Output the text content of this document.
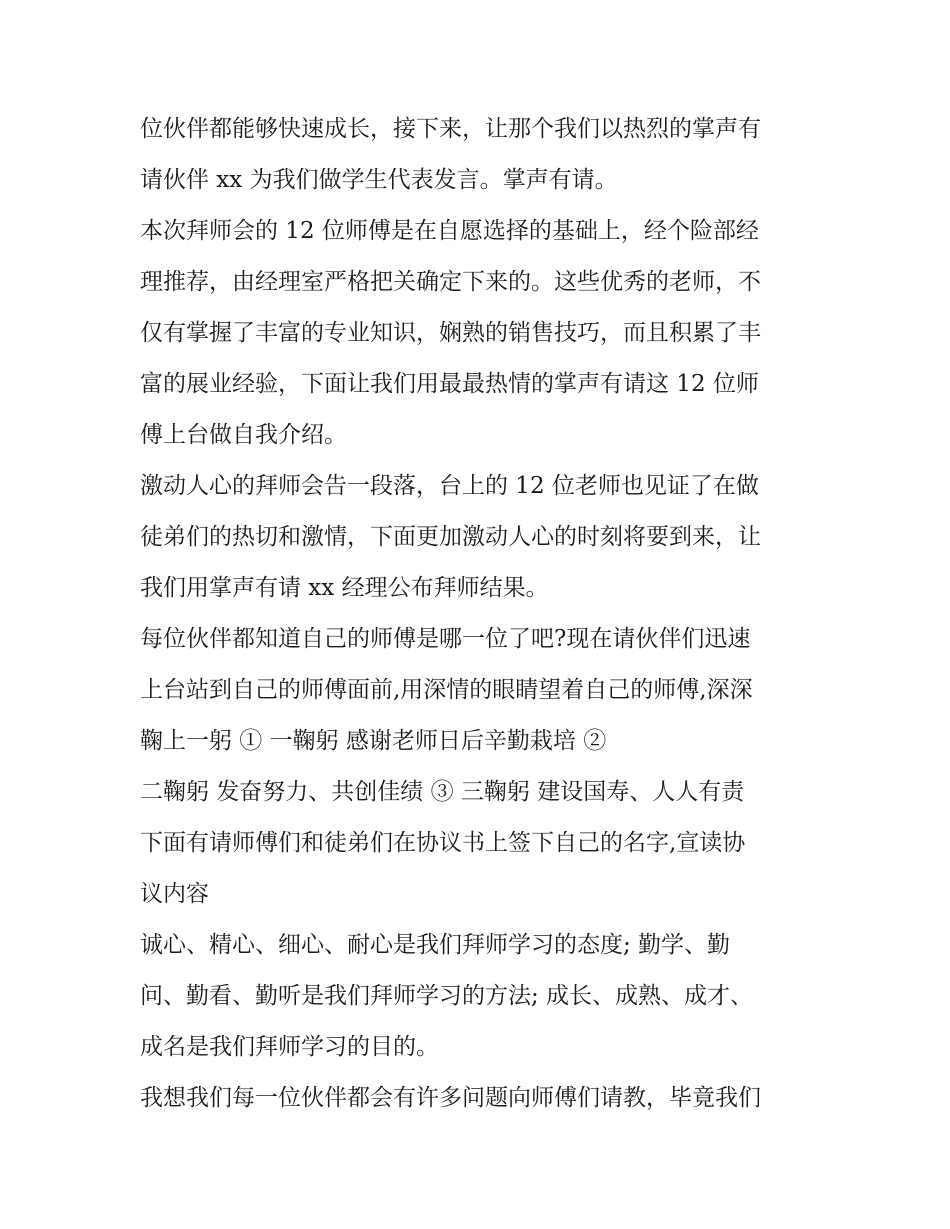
位伙伴都能够快速成长，接下来，让那个我们以热烈的掌声有
请伙伴 xx 为我们做学生代表发言。掌声有请。
本次拜师会的 12 位师傅是在自愿选择的基础上，经个险部经
理推荐，由经理室严格把关确定下来的。这些优秀的老师，不
仅有掌握了丰富的专业知识，娴熟的销售技巧，而且积累了丰
富的展业经验，下面让我们用最最热情的掌声有请这 12 位师
傅上台做自我介绍。
激动人心的拜师会告一段落，台上的 12 位老师也见证了在做
徒弟们的热切和激情，下面更加激动人心的时刻将要到来，让
我们用掌声有请 xx 经理公布拜师结果。
每位伙伴都知道自己的师傅是哪一位了吧?现在请伙伴们迅速
上台站到自己的师傅面前,用深情的眼睛望着自己的师傅,深深
鞠上一躬 ① 一鞠躬 感谢老师日后辛勤栽培 ②
二鞠躬 发奋努力、共创佳绩 ③ 三鞠躬 建设国寿、人人有责
下面有请师傅们和徒弟们在协议书上签下自己的名字,宣读协
议内容
诚心、精心、细心、耐心是我们拜师学习的态度; 勤学、勤
问、勤看、勤听是我们拜师学习的方法; 成长、成熟、成才、
成名是我们拜师学习的目的。
我想我们每一位伙伴都会有许多问题向师傅们请教，毕竟我们
